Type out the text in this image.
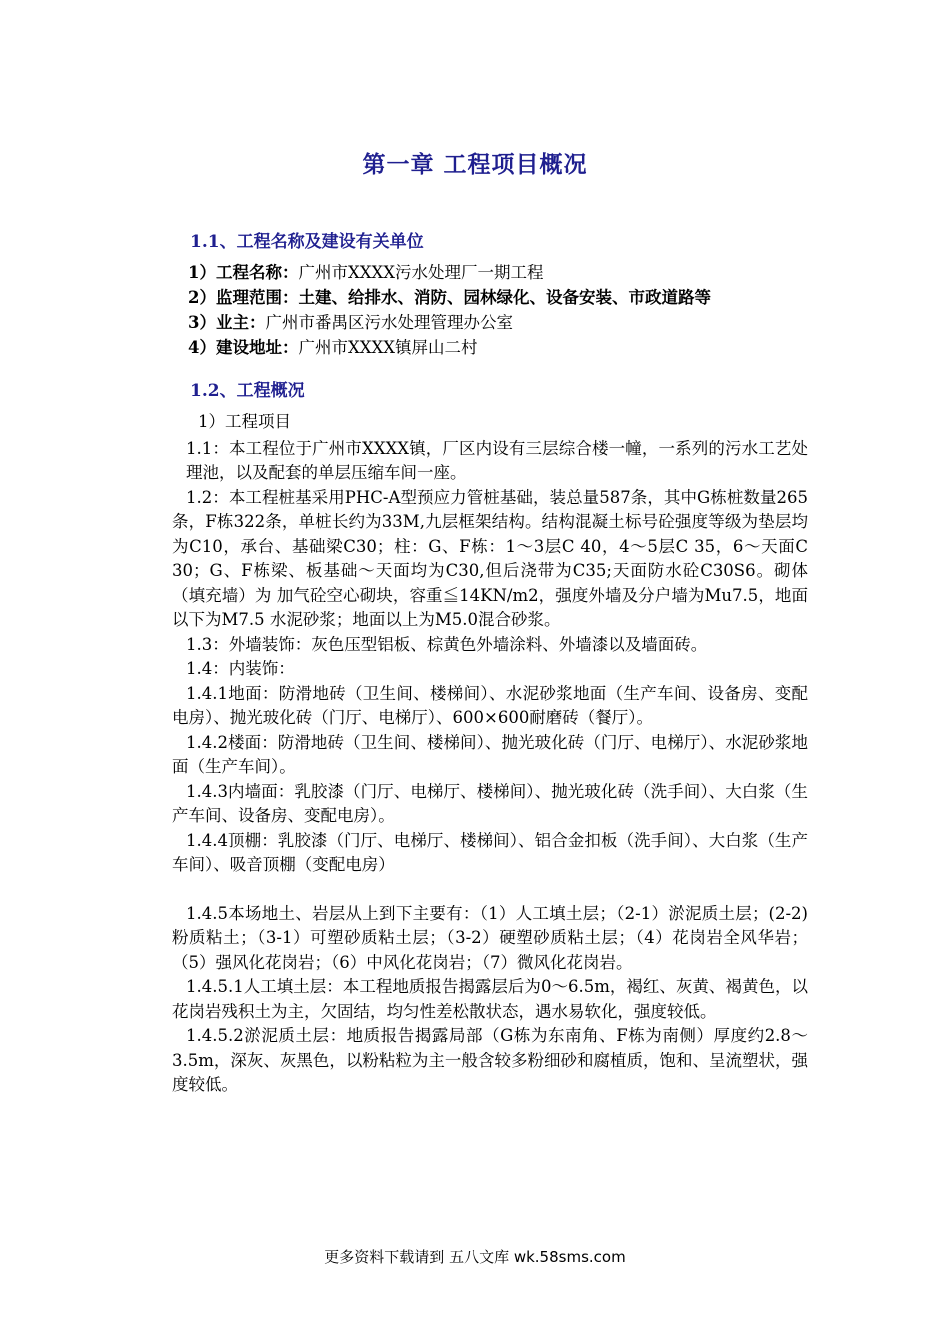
第一章 工程项目概况
1.1、工程名称及建设有关单位
1）工程名称：广州市XXXX污水处理厂一期工程
2）监理范围：土建、给排水、消防、园林绿化、设备安装、市政道路等
3）业主：广州市番禺区污水处理管理办公室
4）建设地址：广州市XXXX镇屏山二村
1.2、工程概况
1）工程项目

1.1：本工程位于广州市XXXX镇，厂区内设有三层综合楼一幢，一系列的污水工艺处理池，以及配套的单层压缩车间一座。

1.2：本工程桩基采用PHC-A型预应力管桩基础，装总量587条，其中G栋桩数量265条，F栋322条，单桩长约为33M,九层框架结构。结构混凝土标号砼强度等级为垫层均为C10，承台、基础梁C30；柱：G、F栋：1～3层C 40，4～5层C 35，6～天面C 30；G、F栋梁、板基础～天面均为C30,但后浇带为C35;天面防水砼C30S6。砌体（填充墙）为 加气砼空心砌块，容重≦14KN/m2，强度外墙及分户墙为Mu7.5，地面以下为M7.5 水泥砂浆；地面以上为M5.0混合砂浆。

1.3：外墙装饰：灰色压型铝板、棕黄色外墙涂料、外墙漆以及墙面砖。

1.4：内装饰：

1.4.1地面：防滑地砖（卫生间、楼梯间）、水泥砂浆地面（生产车间、设备房、变配电房）、抛光玻化砖（门厅、电梯厅）、600×600耐磨砖（餐厅）。

1.4.2楼面：防滑地砖（卫生间、楼梯间）、抛光玻化砖（门厅、电梯厅）、水泥砂浆地面（生产车间）。

1.4.3内墙面：乳胶漆（门厅、电梯厅、楼梯间）、抛光玻化砖（洗手间）、大白浆（生产车间、设备房、变配电房）。

1.4.4顶棚：乳胶漆（门厅、电梯厅、楼梯间）、铝合金扣板（洗手间）、大白浆（生产车间）、吸音顶棚（变配电房）

1.4.5本场地土、岩层从上到下主要有：（1）人工填土层；（2-1）淤泥质土层；(2-2)粉质粘土；（3-1）可塑砂质粘土层；（3-2）硬塑砂质粘土层；（4）花岗岩全风华岩；（5）强风化花岗岩；（6）中风化花岗岩；（7）微风化花岗岩。

1.4.5.1人工填土层：本工程地质报告揭露层后为0～6.5m，褐红、灰黄、褐黄色，以花岗岩残积土为主，欠固结，均匀性差松散状态，遇水易软化，强度较低。

1.4.5.2淤泥质土层：地质报告揭露局部（G栋为东南角、F栋为南侧）厚度约2.8～3.5m，深灰、灰黑色，以粉粘粒为主一般含较多粉细砂和腐植质，饱和、呈流塑状，强度较低。

更多资料下载请到 五八文库 wk.58sms.com
